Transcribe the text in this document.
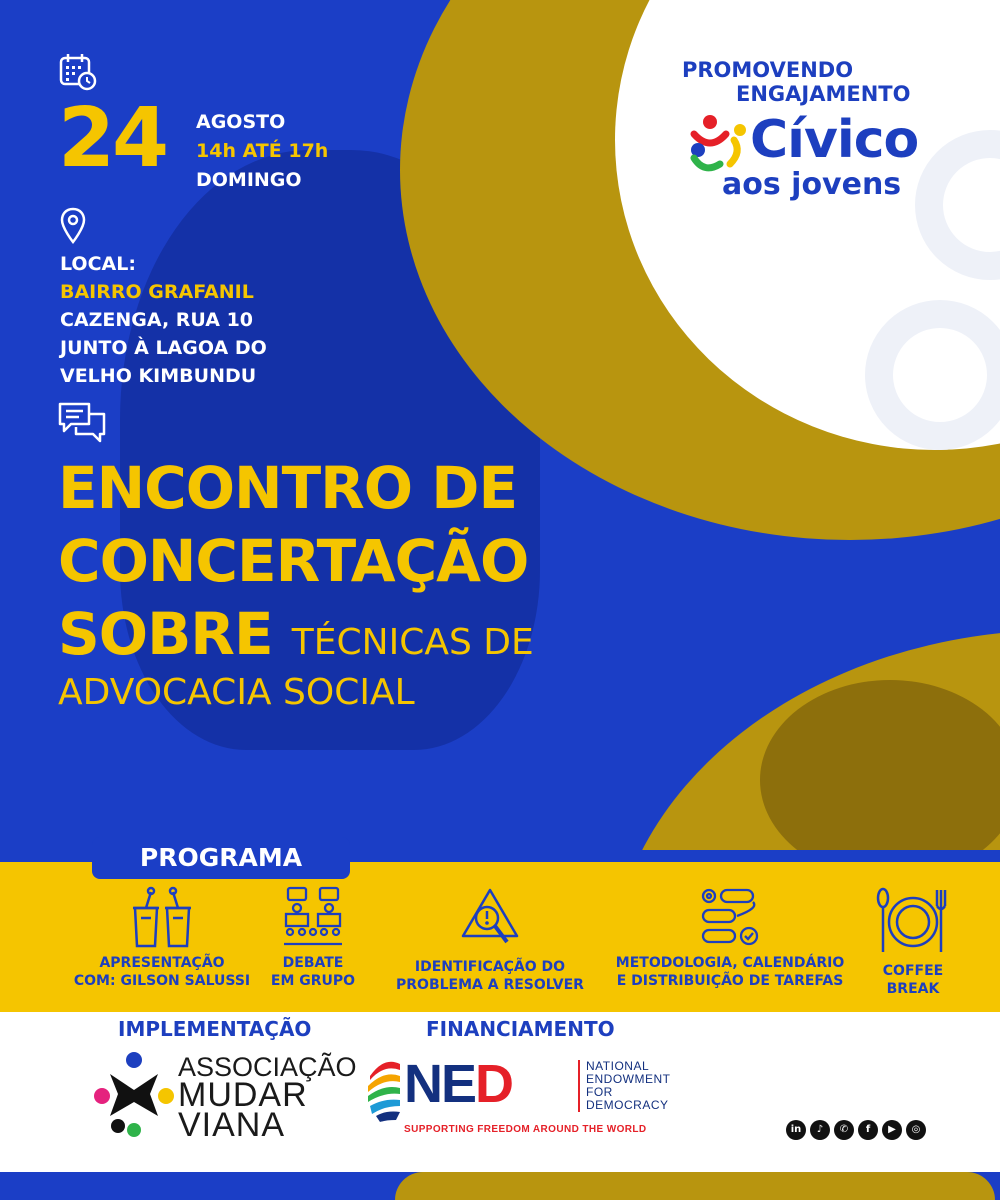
24 AGOSTO
14h ATÉ 17h
DOMINGO
LOCAL:
BAIRRO GRAFANIL
CAZENGA, RUA 10
JUNTO À LAGOA DO
VELHO KIMBUNDU
ENCONTRO DE
CONCERTAÇÃO
SOBRE TÉCNICAS DE
ADVOCACIA SOCIAL
PROMOVENDO
ENGAJAMENTO
Cívico
aos jovens
PROGRAMA
APRESENTAÇÃO
COM: GILSON SALUSSI
DEBATE
EM GRUPO
IDENTIFICAÇÃO DO
PROBLEMA A RESOLVER
METODOLOGIA, CALENDÁRIO
E DISTRIBUIÇÃO DE TAREFAS
COFFEE
BREAK
IMPLEMENTAÇÃO	FINANCIAMENTO
ASSOCIAÇÃO
MUDAR
VIANA
NED	NATIONAL
ENDOWMENT
FOR
DEMOCRACY
SUPPORTING FREEDOM AROUND THE WORLD	in	♪	✆	f	▶	◎
